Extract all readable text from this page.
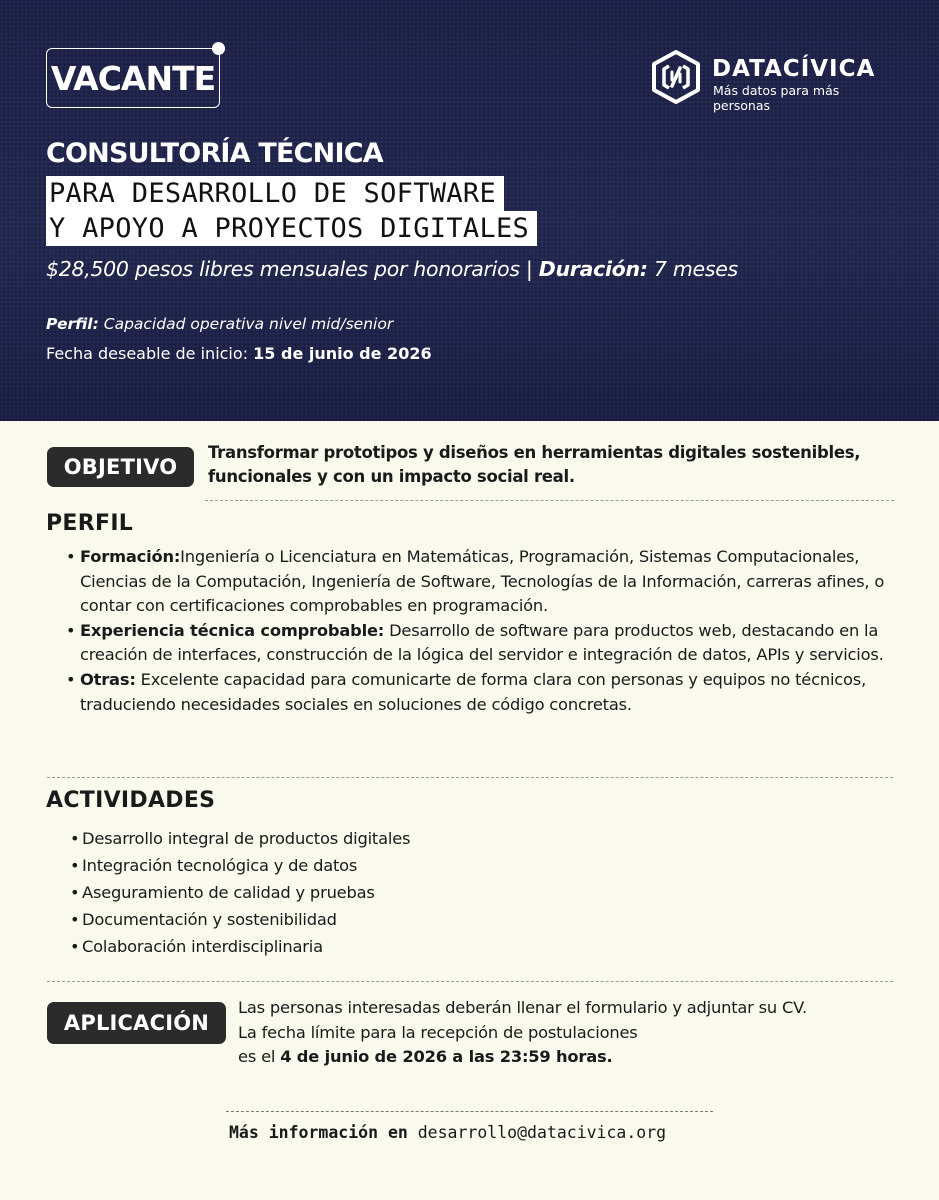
VACANTE	DATACÍVICA
Más datos para más personas
CONSULTORÍA TÉCNICA
PARA DESARROLLO DE SOFTWARE
Y APOYO A PROYECTOS DIGITALES
$28,500 pesos libres mensuales por honorarios | Duración: 7 meses
Perfil: Capacidad operativa nivel mid/senior
Fecha deseable de inicio: 15 de junio de 2026
OBJETIVO
Transformar prototipos y diseños en herramientas digitales sostenibles, funcionales y con un impacto social real.
PERFIL
• Formación:Ingeniería o Licenciatura en Matemáticas, Programación, Sistemas Computacionales, Ciencias de la Computación, Ingeniería de Software, Tecnologías de la Información, carreras afines, o contar con certificaciones comprobables en programación.
• Experiencia técnica comprobable: Desarrollo de software para productos web, destacando en la creación de interfaces, construcción de la lógica del servidor e integración de datos, APIs y servicios.
• Otras: Excelente capacidad para comunicarte de forma clara con personas y equipos no técnicos, traduciendo necesidades sociales en soluciones de código concretas.
ACTIVIDADES
• Desarrollo integral de productos digitales
• Integración tecnológica y de datos
• Aseguramiento de calidad y pruebas
• Documentación y sostenibilidad
• Colaboración interdisciplinaria
APLICACIÓN
Las personas interesadas deberán llenar el formulario y adjuntar su CV.
La fecha límite para la recepción de postulaciones
es el 4 de junio de 2026 a las 23:59 horas.
Más información en desarrollo@datacivica.org
